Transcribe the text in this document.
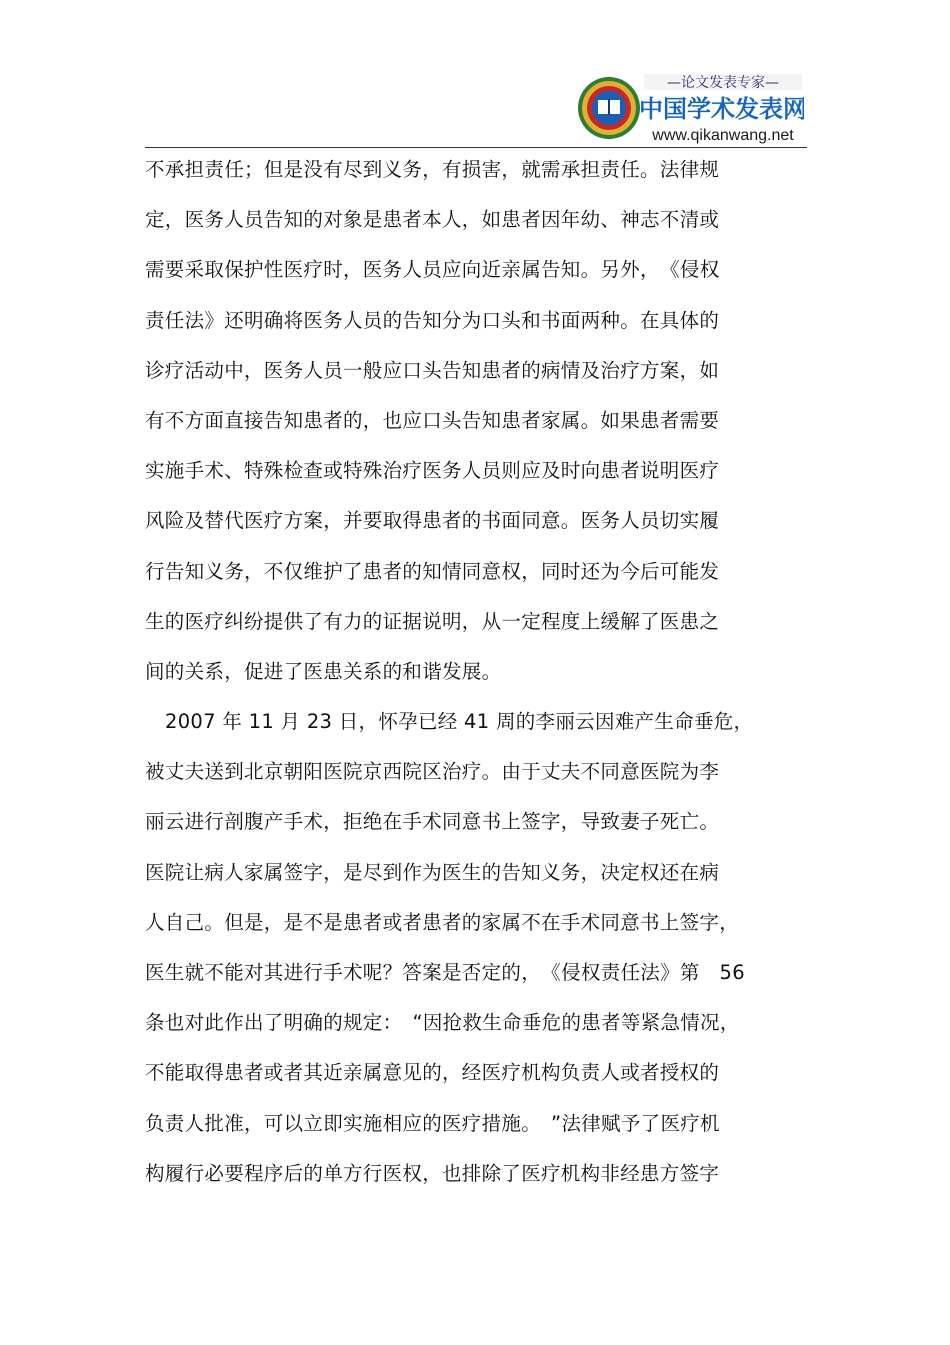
—论文发表专家—
中国学术发表网
www.qikanwang.net
不承担责任；但是没有尽到义务，有损害，就需承担责任。法律规
定，医务人员告知的对象是患者本人，如患者因年幼、神志不清或
需要采取保护性医疗时，医务人员应向近亲属告知。另外，　《侵权
责任法》还明确将医务人员的告知分为口头和书面两种。在具体的
诊疗活动中，医务人员一般应口头告知患者的病情及治疗方案，如
有不方面直接告知患者的，也应口头告知患者家属。如果患者需要
实施手术、特殊检查或特殊治疗医务人员则应及时向患者说明医疗
风险及替代医疗方案，并要取得患者的书面同意。医务人员切实履
行告知义务，不仅维护了患者的知情同意权，同时还为今后可能发
生的医疗纠纷提供了有力的证据说明，从一定程度上缓解了医患之
间的关系，促进了医患关系的和谐发展。
2007 年 11 月 23 日，怀孕已经 41 周的李丽云因难产生命垂危，
被丈夫送到北京朝阳医院京西院区治疗。由于丈夫不同意医院为李
丽云进行剖腹产手术，拒绝在手术同意书上签字，导致妻子死亡。
医院让病人家属签字，是尽到作为医生的告知义务，决定权还在病
人自己。但是，是不是患者或者患者的家属不在手术同意书上签字，
医生就不能对其进行手术呢？答案是否定的，　《侵权责任法》第　56
条也对此作出了明确的规定：　“因抢救生命垂危的患者等紧急情况，
不能取得患者或者其近亲属意见的，经医疗机构负责人或者授权的
负责人批准，可以立即实施相应的医疗措施。　”法律赋予了医疗机
构履行必要程序后的单方行医权，也排除了医疗机构非经患方签字
